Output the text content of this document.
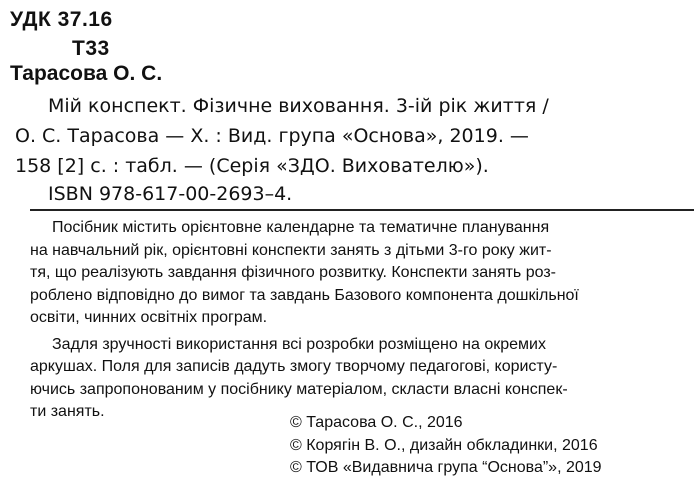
УДК 37.16
Т33
Тарасова О. С.
Мій конспект. Фізичне виховання. 3-ій рік життя /
О. С. Тарасова — Х. : Вид. група «Основа», 2019. —
158 [2] с. : табл. — (Серія «ЗДО. Вихователю»).
ISBN 978-617-00-2693–4.
Посібник містить орієнтовне календарне та тематичне планування
на навчальний рік, орієнтовні конспекти занять з дітьми 3-го року жит-
тя, що реалізують завдання фізичного розвитку. Конспекти занять роз-
роблено відповідно до вимог та завдань Базового компонента дошкільної
освіти, чинних освітніх програм.
Задля зручності використання всі розробки розміщено на окремих
аркушах. Поля для записів дадуть змогу творчому педагогові, користу-
ючись запропонованим у посібнику матеріалом, скласти власні конспек-
ти занять.
© Тарасова О. С., 2016
© Корягін В. О., дизайн обкладинки, 2016
© ТОВ «Видавнича група “Основа”», 2019
